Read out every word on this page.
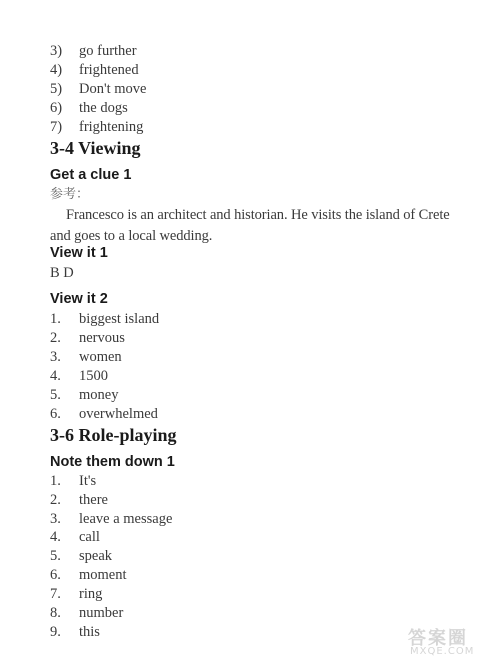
3) go further
4) frightened
5) Don't move
6) the dogs
7) frightening
3-4 Viewing
Get a clue 1
参考：
Francesco is an architect and historian. He visits the island of Crete and goes to a local wedding.
View it 1
B D
View it 2
1. biggest island
2. nervous
3. women
4. 1500
5. money
6. overwhelmed
3-6 Role-playing
Note them down 1
1. It's
2. there
3. leave a message
4. call
5. speak
6. moment
7. ring
8. number
9. this	答案圈
MXQE.COM
